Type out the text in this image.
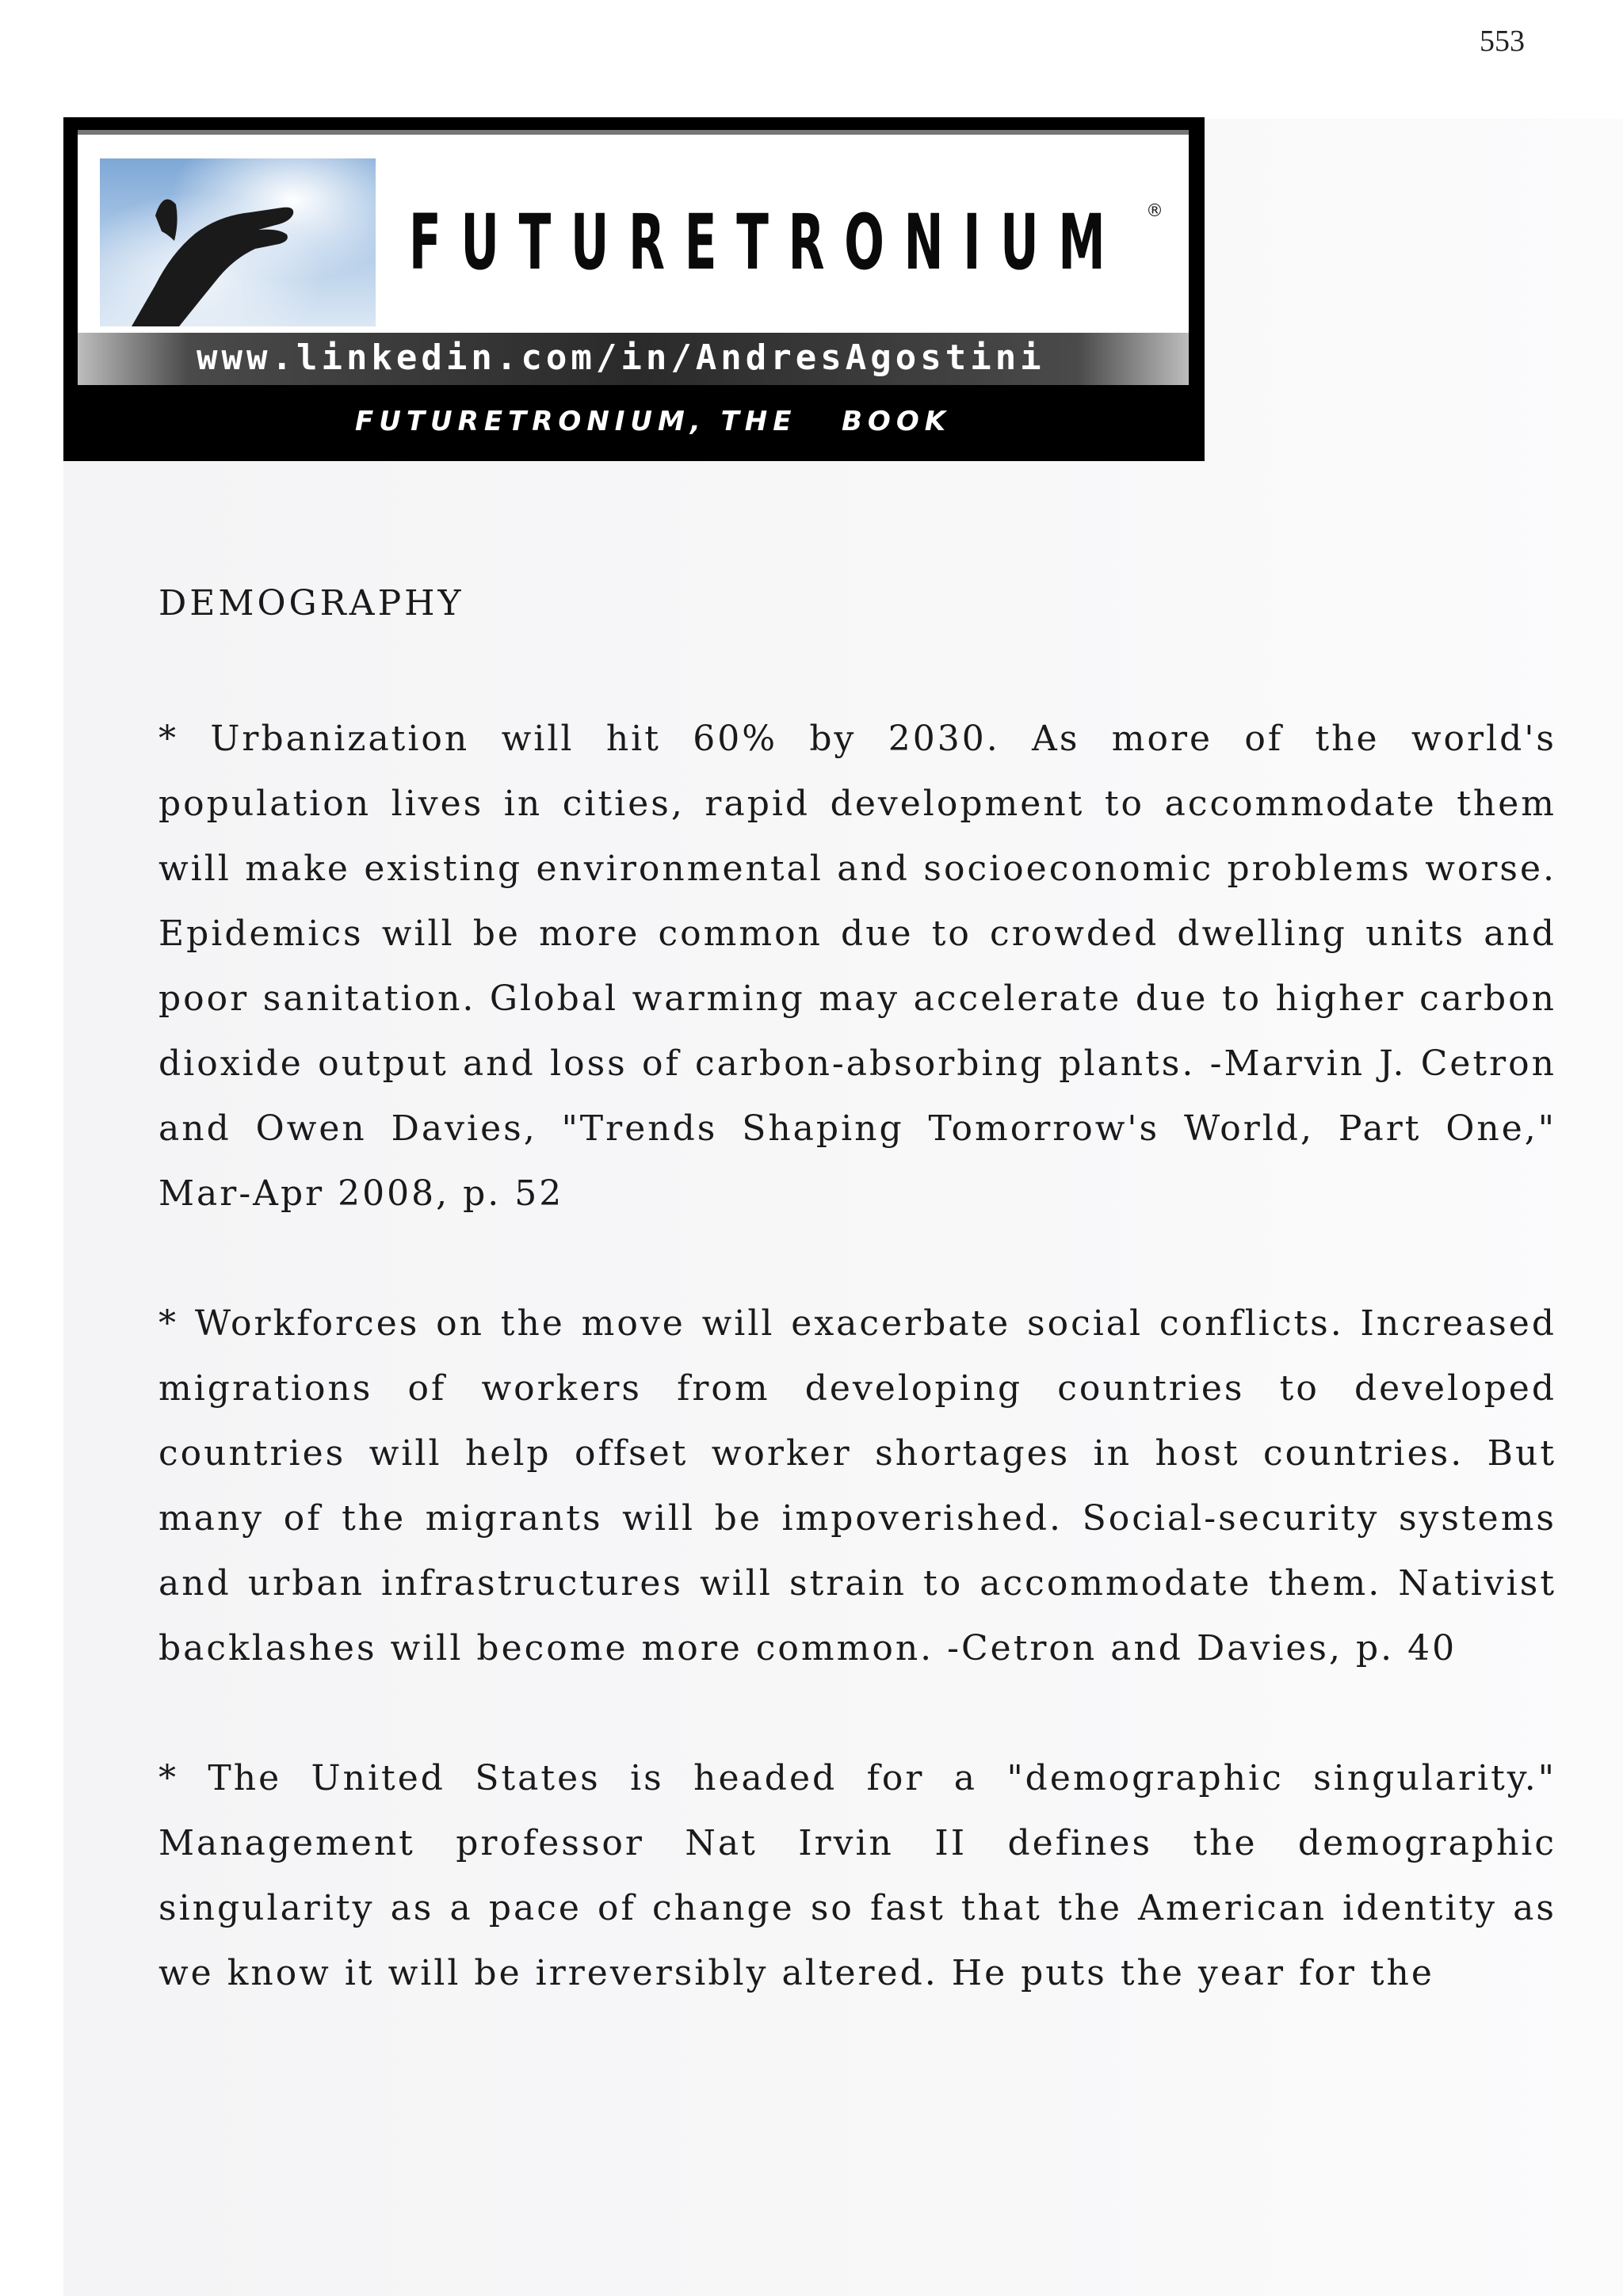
553
FUTURETRONIUM ®
www.linkedin.com/in/AndresAgostini
FUTURETRONIUM, THE   BOOK
DEMOGRAPHY

* Urbanization will hit 60% by 2030. As more of the world's population lives in cities, rapid development to accommodate them will make existing environmental and socioeconomic problems worse. Epidemics will be more common due to crowded dwelling units and poor sanitation. Global warming may accelerate due to higher carbon dioxide output and loss of carbon-absorbing plants. -Marvin J. Cetron and Owen Davies, "Trends Shaping Tomorrow's World, Part One," Mar-Apr 2008, p. 52

* Workforces on the move will exacerbate social conflicts. Increased migrations of workers from developing countries to developed countries will help offset worker shortages in host countries. But many of the migrants will be impoverished. Social-security systems and urban infrastructures will strain to accommodate them. Nativist backlashes will become more common. -Cetron and Davies, p. 40

* The United States is headed for a "demographic singularity." Management professor Nat Irvin II defines the demographic singularity as a pace of change so fast that the American identity as we know it will be irreversibly altered. He puts the year for the
